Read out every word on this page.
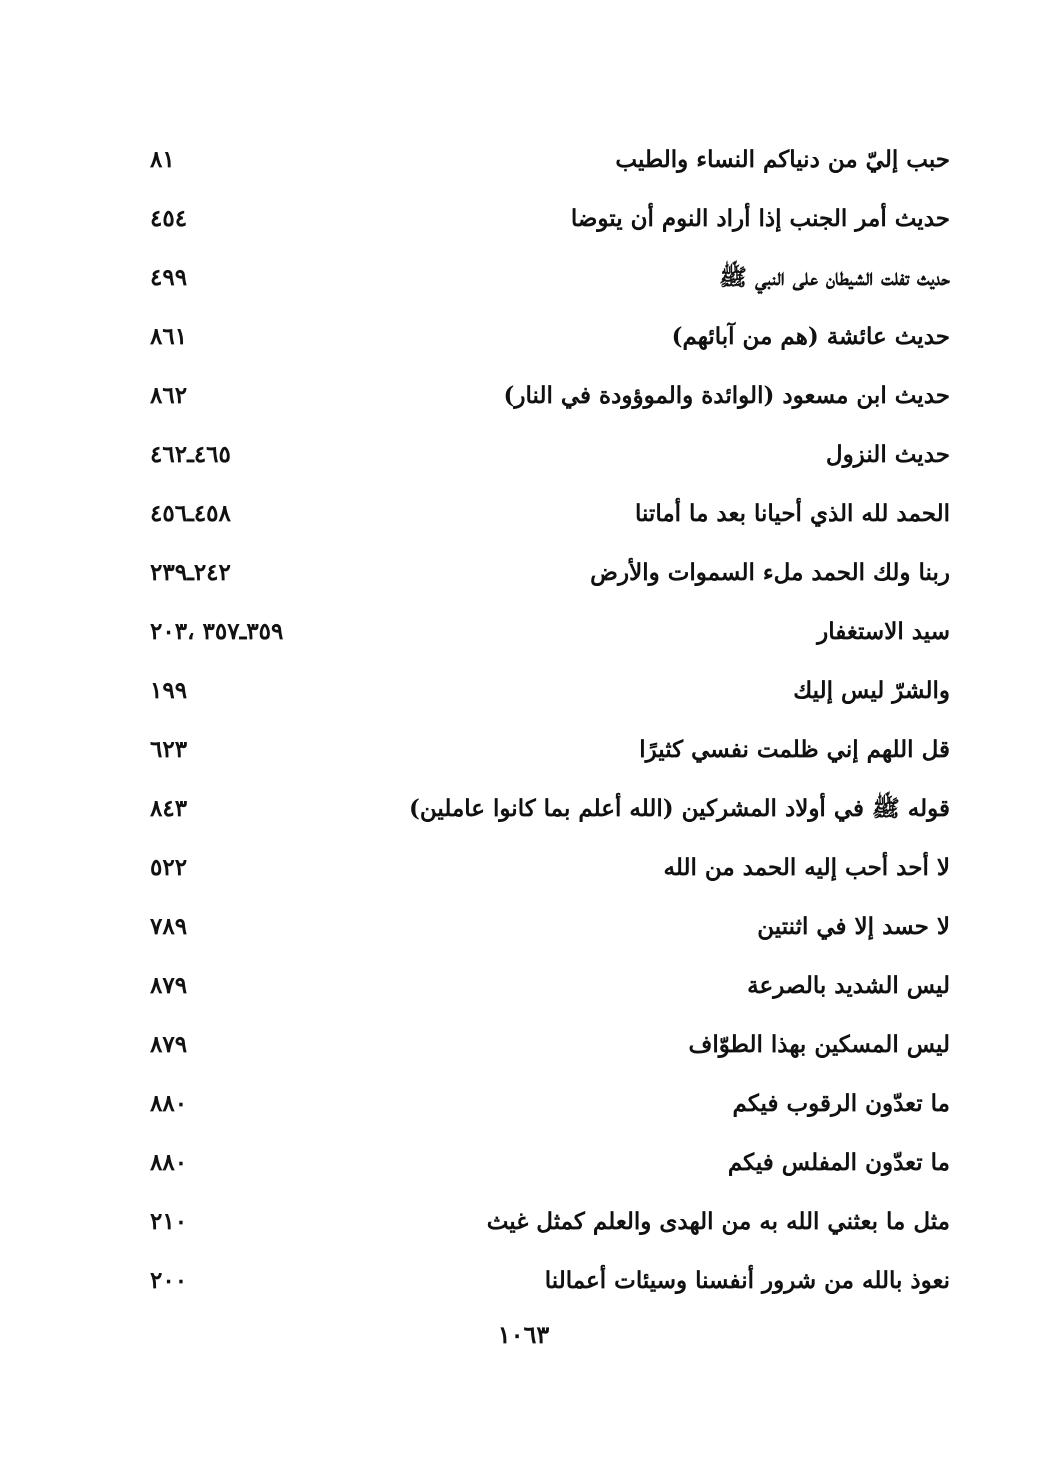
حبب إليّ من دنياكم النساء والطيب
٨١
حديث أمر الجنب إذا أراد النوم أن يتوضا
٤٥٤
حديث تفلت الشيطان على النبي ﷺ
٤٩٩
حديث عائشة (هم من آبائهم)
٨٦١
حديث ابن مسعود (الوائدة والموؤودة في النار)
٨٦٢
حديث النزول
٤٦٥ـ٤٦٢
الحمد لله الذي أحيانا بعد ما أماتنا
٤٥٨ـ٤٥٦
ربنا ولك الحمد ملء السموات والأرض
٢٤٢ـ٢٣٩
سيد الاستغفار
٣٥٩ـ٣٥٧ ،٢٠٣
والشرّ ليس إليك
١٩٩
قل اللهم إني ظلمت نفسي كثيرًا
٦٢٣
قوله ﷺ في أولاد المشركين (الله أعلم بما كانوا عاملين)
٨٤٣
لا أحد أحب إليه الحمد من الله
٥٢٢
لا حسد إلا في اثنتين
٧٨٩
ليس الشديد بالصرعة
٨٧٩
ليس المسكين بهذا الطوّاف
٨٧٩
ما تعدّون الرقوب فيكم
٨٨٠
ما تعدّون المفلس فيكم
٨٨٠
مثل ما بعثني الله به من الهدى والعلم كمثل غيث
٢١٠
نعوذ بالله من شرور أنفسنا وسيئات أعمالنا
٢٠٠
١٠٦٣
